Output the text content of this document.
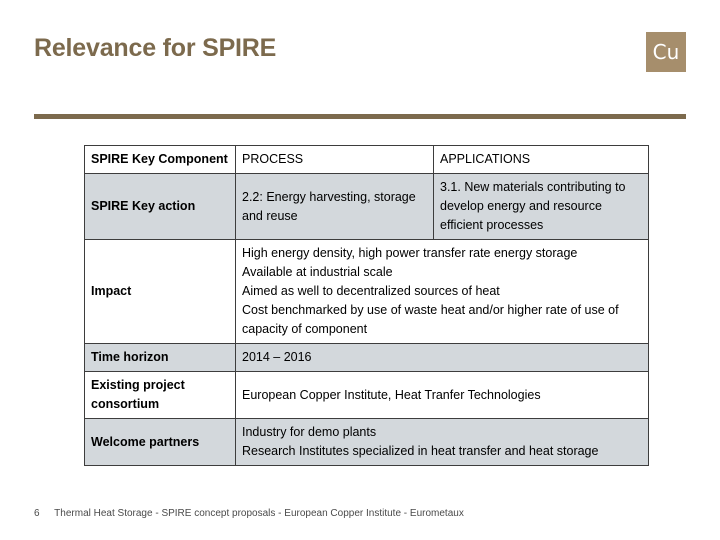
Relevance for SPIRE	Cu
SPIRE Key Component	PROCESS	APPLICATIONS
SPIRE Key action	2.2: Energy harvesting, storage and reuse	3.1. New materials contributing to develop energy and resource efficient processes
Impact	High energy density, high power transfer rate energy storage
Available at industrial scale
Aimed as well to decentralized sources of heat
Cost benchmarked by use of waste heat and/or higher rate of use of capacity of component	

Time horizon	2014 – 2016	
Existing project consortium	European Copper Institute, Heat Tranfer Technologies	
Welcome partners	Industry for demo plants
Research Institutes specialized in heat transfer and heat storage	
6 Thermal Heat Storage - SPIRE concept proposals - European Copper Institute - Eurometaux
